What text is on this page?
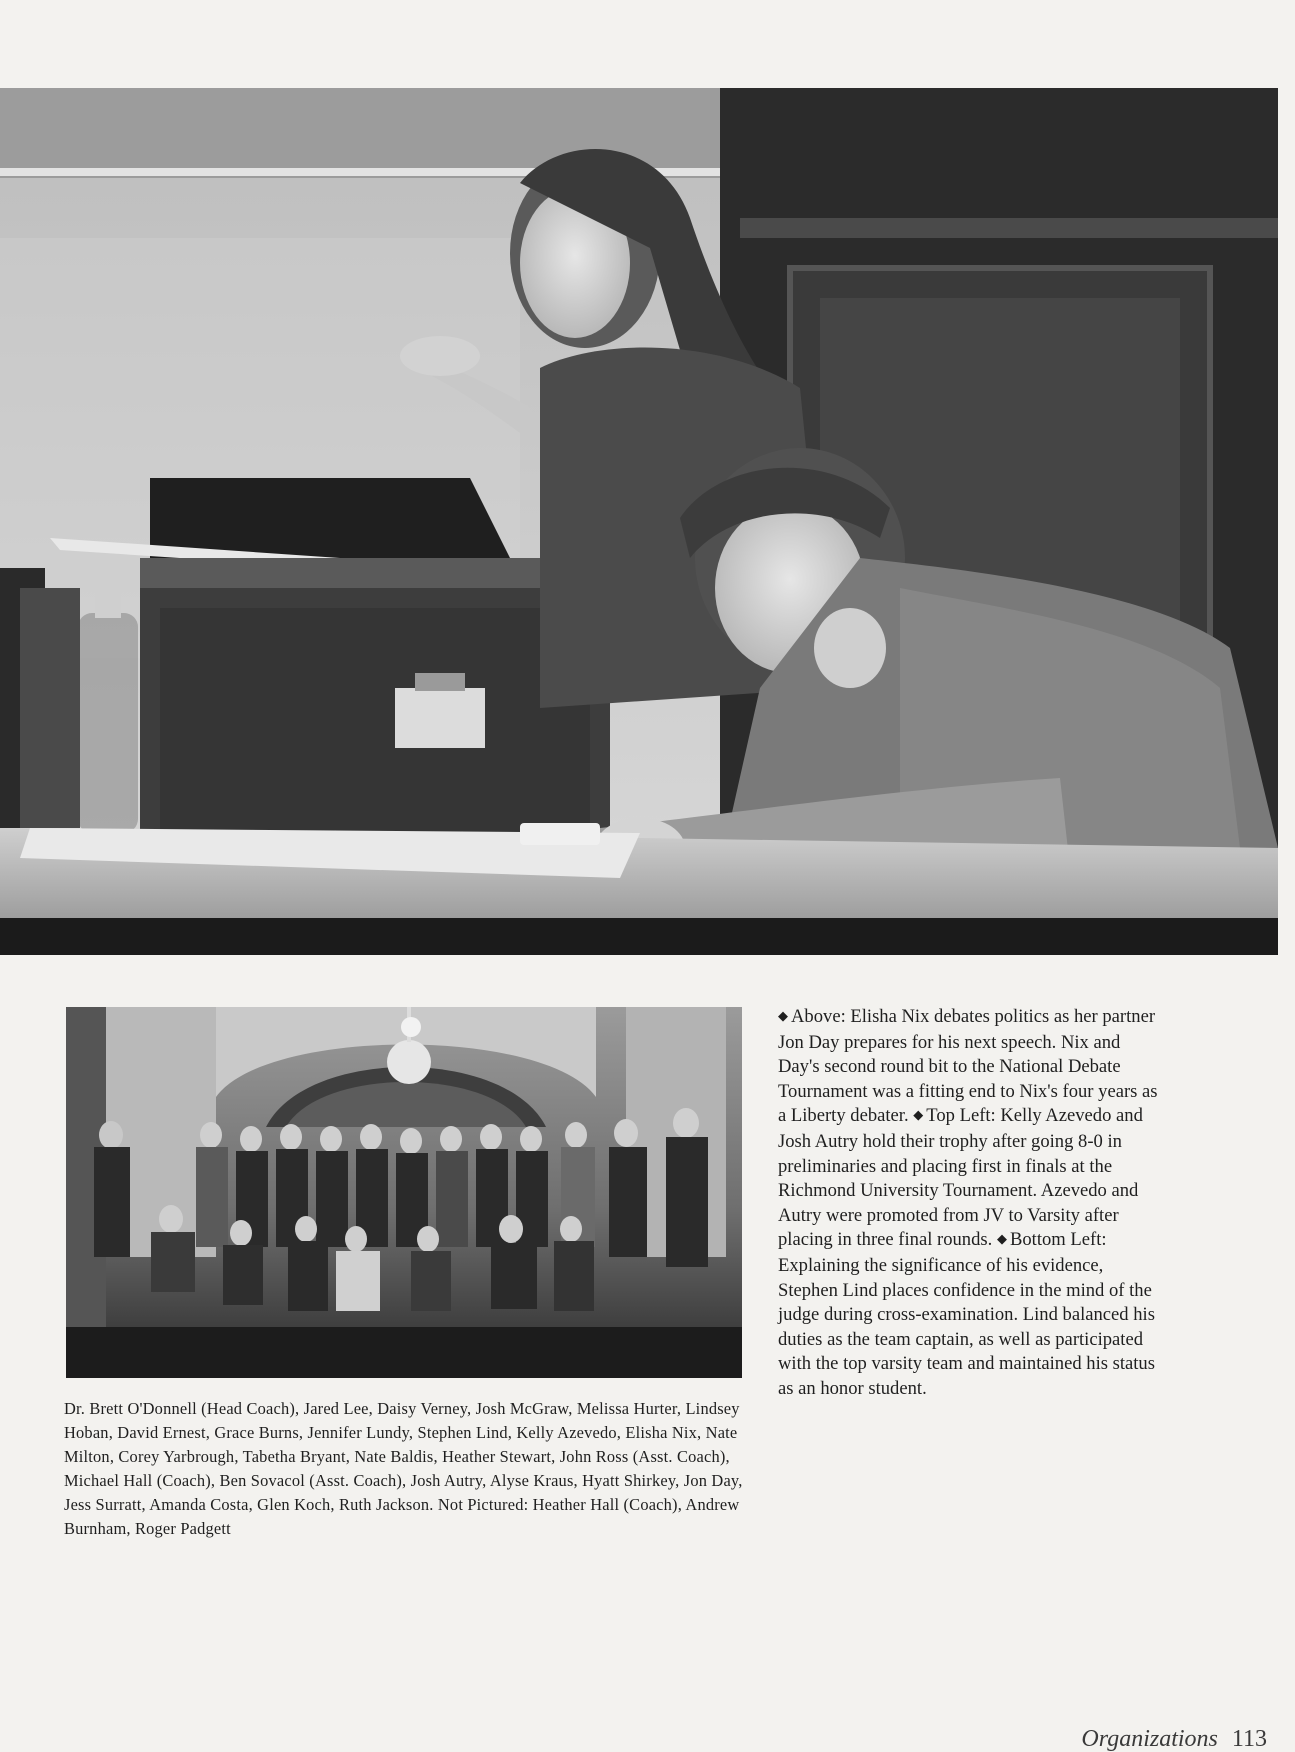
Dr. Brett O'Donnell (Head Coach), Jared Lee, Daisy Verney, Josh McGraw, Melissa Hurter, Lindsey Hoban, David Ernest, Grace Burns, Jennifer Lundy, Stephen Lind, Kelly Azevedo, Elisha Nix, Nate Milton, Corey Yarbrough, Tabetha Bryant, Nate Baldis, Heather Stewart, John Ross (Asst. Coach), Michael Hall (Coach), Ben Sovacol (Asst. Coach), Josh Autry, Alyse Kraus, Hyatt Shirkey, Jon Day, Jess Surratt, Amanda Costa, Glen Koch, Ruth Jackson. Not Pictured: Heather Hall (Coach), Andrew Burnham, Roger Padgett

◆ Above: Elisha Nix debates politics as her partner Jon Day prepares for his next speech. Nix and Day's second round bit to the National Debate Tournament was a fitting end to Nix's four years as a Liberty debater. ◆ Top Left: Kelly Azevedo and Josh Autry hold their trophy after going 8-0 in preliminaries and placing first in finals at the Richmond University Tournament. Azevedo and Autry were promoted from JV to Varsity after placing in three final rounds. ◆ Bottom Left: Explaining the significance of his evidence, Stephen Lind places confidence in the mind of the judge during cross-examination. Lind balanced his duties as the team captain, as well as participated with the top varsity team and maintained his status as an honor student.

Organizations 113
